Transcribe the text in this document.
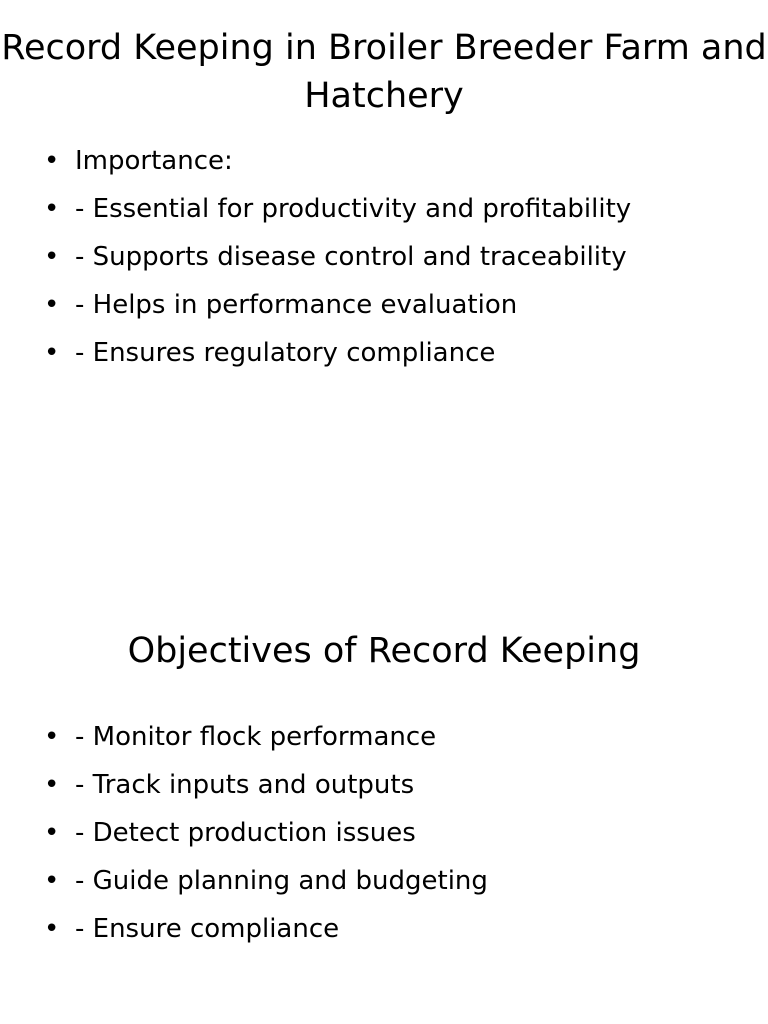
Record Keeping in Broiler Breeder Farm and Hatchery
• Importance:
• - Essential for productivity and profitability
• - Supports disease control and traceability
• - Helps in performance evaluation
• - Ensures regulatory compliance
Objectives of Record Keeping
• - Monitor flock performance
• - Track inputs and outputs
• - Detect production issues
• - Guide planning and budgeting
• - Ensure compliance
